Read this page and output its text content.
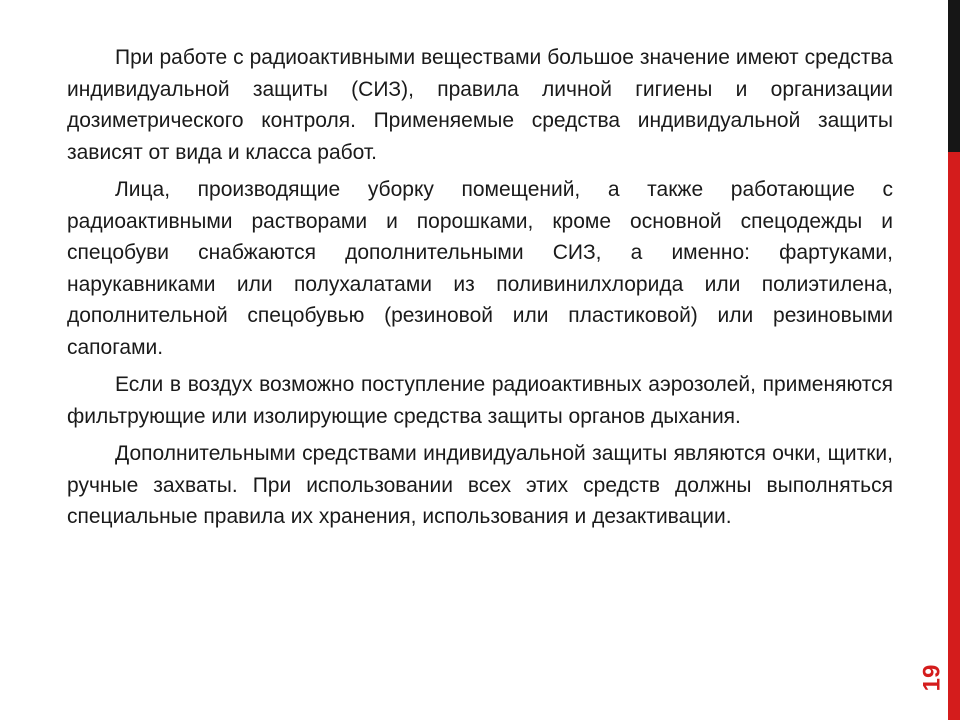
При работе с радиоактивными веществами большое значение имеют средства индивидуальной защиты (СИЗ), правила личной гигиены и организации дозиметрического контроля. Применяемые средства индивидуальной защиты зависят от вида и класса работ.

Лица, производящие уборку помещений, а также работающие с радиоактивными растворами и порошками, кроме основной спецодежды и спецобуви снабжаются дополнительными СИЗ, а именно: фартуками, нарукавниками или полухалатами из поливинилхлорида или полиэтилена, дополнительной спецобувью (резиновой или пластиковой) или резиновыми сапогами.

Если в воздух возможно поступление радиоактивных аэрозолей, применяются фильтрующие или изолирующие средства защиты органов дыхания.

Дополнительными средствами индивидуальной защиты являются очки, щитки, ручные захваты. При использовании всех этих средств должны выполняться специальные правила их хранения, использования и дезактивации.

19
